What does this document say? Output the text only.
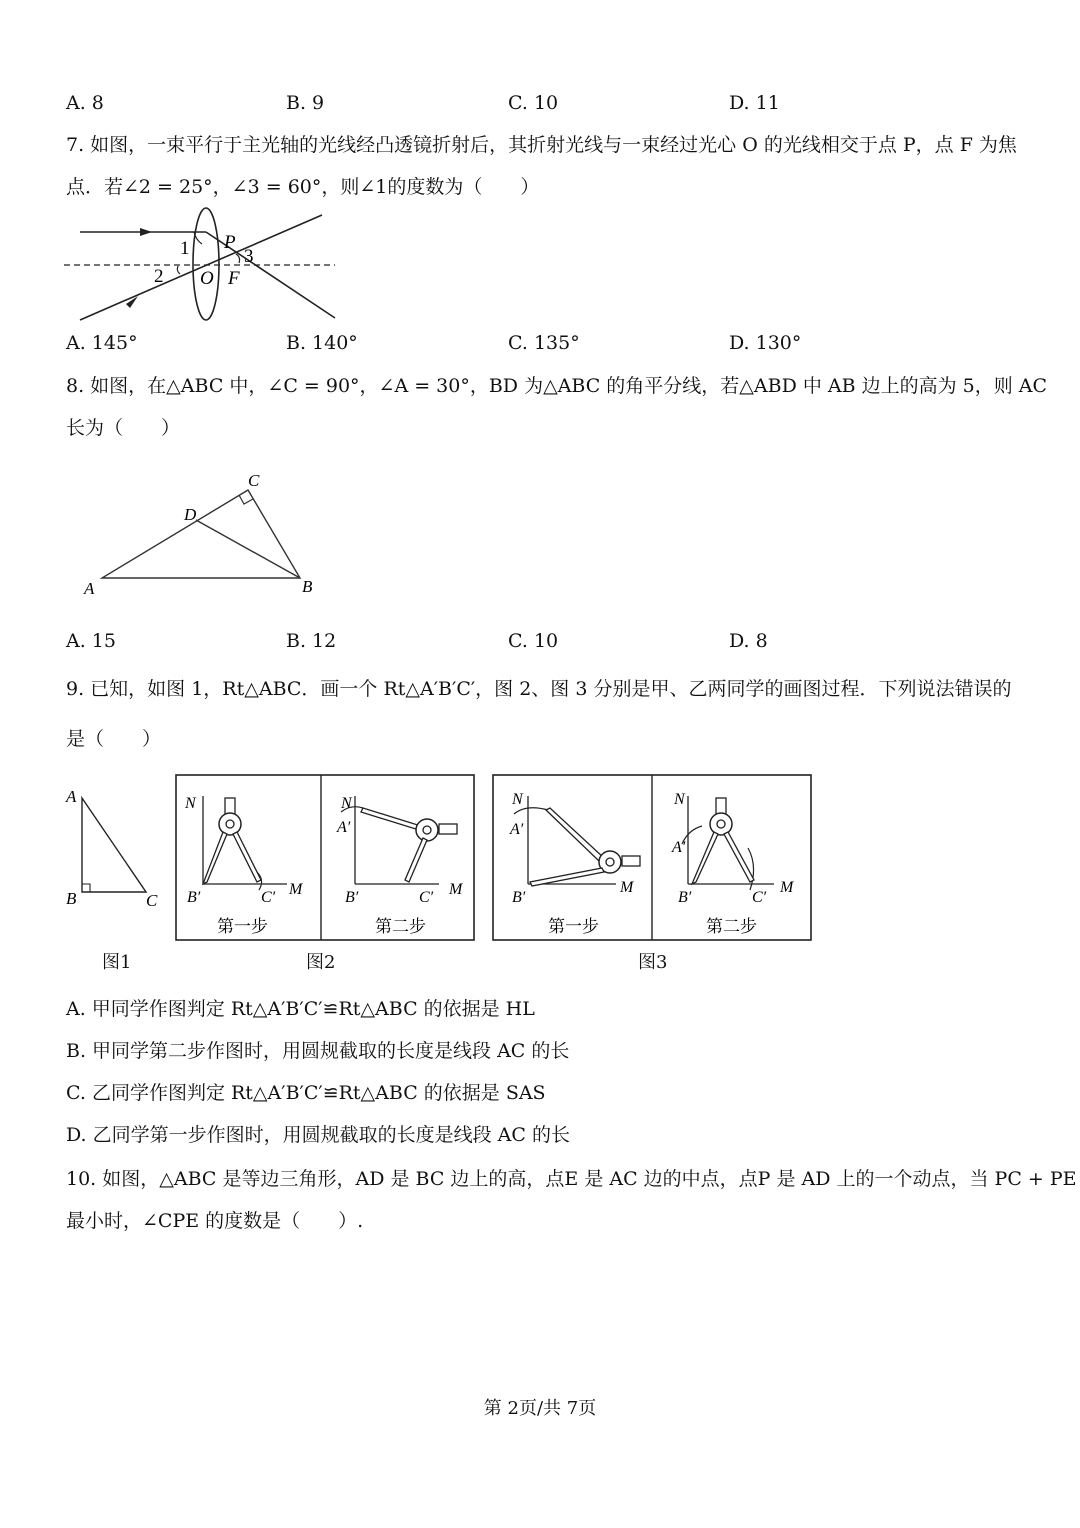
A. 8	B. 9	C. 10	D. 11
7. 如图，一束平行于主光轴的光线经凸透镜折射后，其折射光线与一束经过光心 O 的光线相交于点 P，点 F 为焦
点．若∠2 = 25°，∠3 = 60°，则∠1的度数为（　　）
1 P
3
2 O F
A. 145°	B. 140°	C. 135°	D. 130°
8. 如图，在△ABC 中，∠C = 90°，∠A = 30°，BD 为△ABC 的角平分线，若△ABD 中 AB 边上的高为 5，则 AC
长为（　　）
C
D
A	B
A. 15	B. 12	C. 10	D. 8
9. 已知，如图 1，Rt△ABC．画一个 Rt△A′B′C′，图 2、图 3 分别是甲、乙两同学的画图过程．下列说法错误的
是（　　）
A
B	C
N
B′	C′ M
第一步
N
A′
B′	C′ M
第二步
N
A′
B′
M
第一步
N
A′
B′	C′
M
第二步
图1	图2	图3
A. 甲同学作图判定 Rt△A′B′C′≌Rt△ABC 的依据是 HL
B. 甲同学第二步作图时，用圆规截取的长度是线段 AC 的长
C. 乙同学作图判定 Rt△A′B′C′≌Rt△ABC 的依据是 SAS
D. 乙同学第一步作图时，用圆规截取的长度是线段 AC 的长
10. 如图，△ABC 是等边三角形，AD 是 BC 边上的高，点E 是 AC 边的中点，点P 是 AD 上的一个动点，当 PC + PE
最小时，∠CPE 的度数是（　　）.
第 2页/共 7页
